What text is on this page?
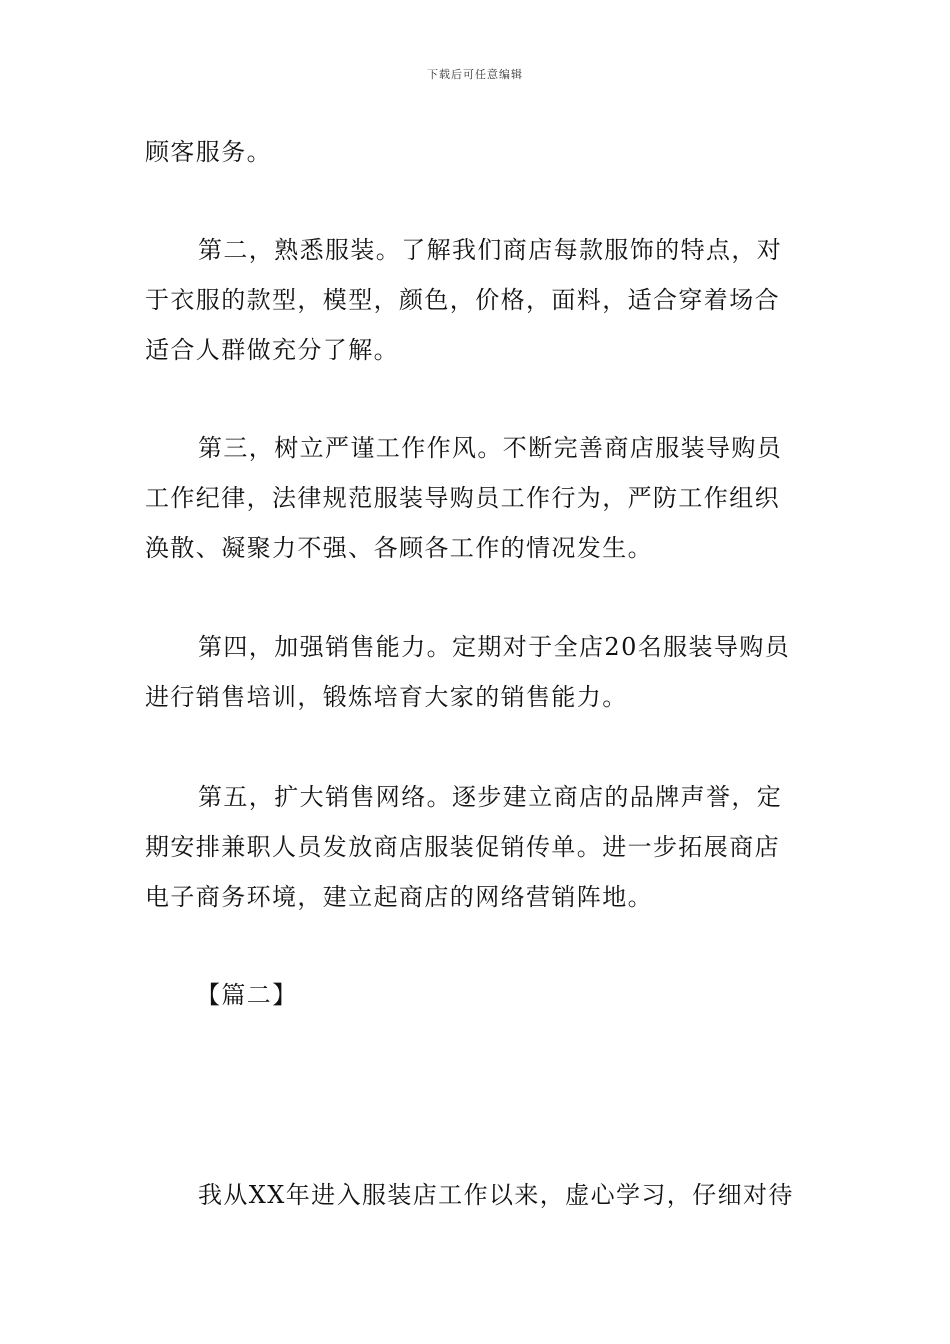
下载后可任意编辑
顾客服务。
第二，熟悉服装。了解我们商店每款服饰的特点，对
于衣服的款型，模型，颜色，价格，面料，适合穿着场合
适合人群做充分了解。
第三，树立严谨工作作风。不断完善商店服装导购员
工作纪律，法律规范服装导购员工作行为，严防工作组织
涣散、凝聚力不强、各顾各工作的情况发生。
第四，加强销售能力。定期对于全店20名服装导购员
进行销售培训，锻炼培育大家的销售能力。
第五，扩大销售网络。逐步建立商店的品牌声誉，定
期安排兼职人员发放商店服装促销传单。进一步拓展商店
电子商务环境，建立起商店的网络营销阵地。
【篇二】
我从XX年进入服装店工作以来，虚心学习，仔细对待
